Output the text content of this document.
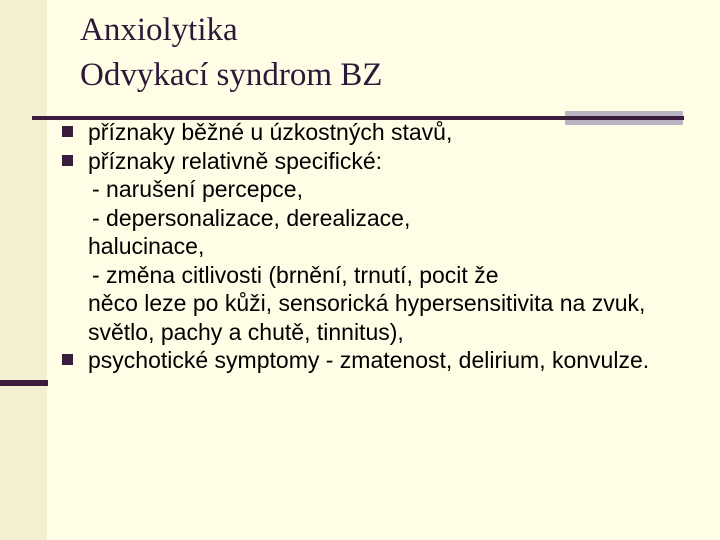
Anxiolytika
Odvykací syndrom BZ
příznaky běžné u úzkostných stavů,
příznaky relativně specifické:
- narušení percepce,
- depersonalizace, derealizace,
halucinace,
- změna citlivosti (brnění, trnutí, pocit že
něco leze po kůži, sensorická hypersensitivita na zvuk, světlo, pachy a chutě, tinnitus),
psychotické symptomy - zmatenost, delirium, konvulze.
